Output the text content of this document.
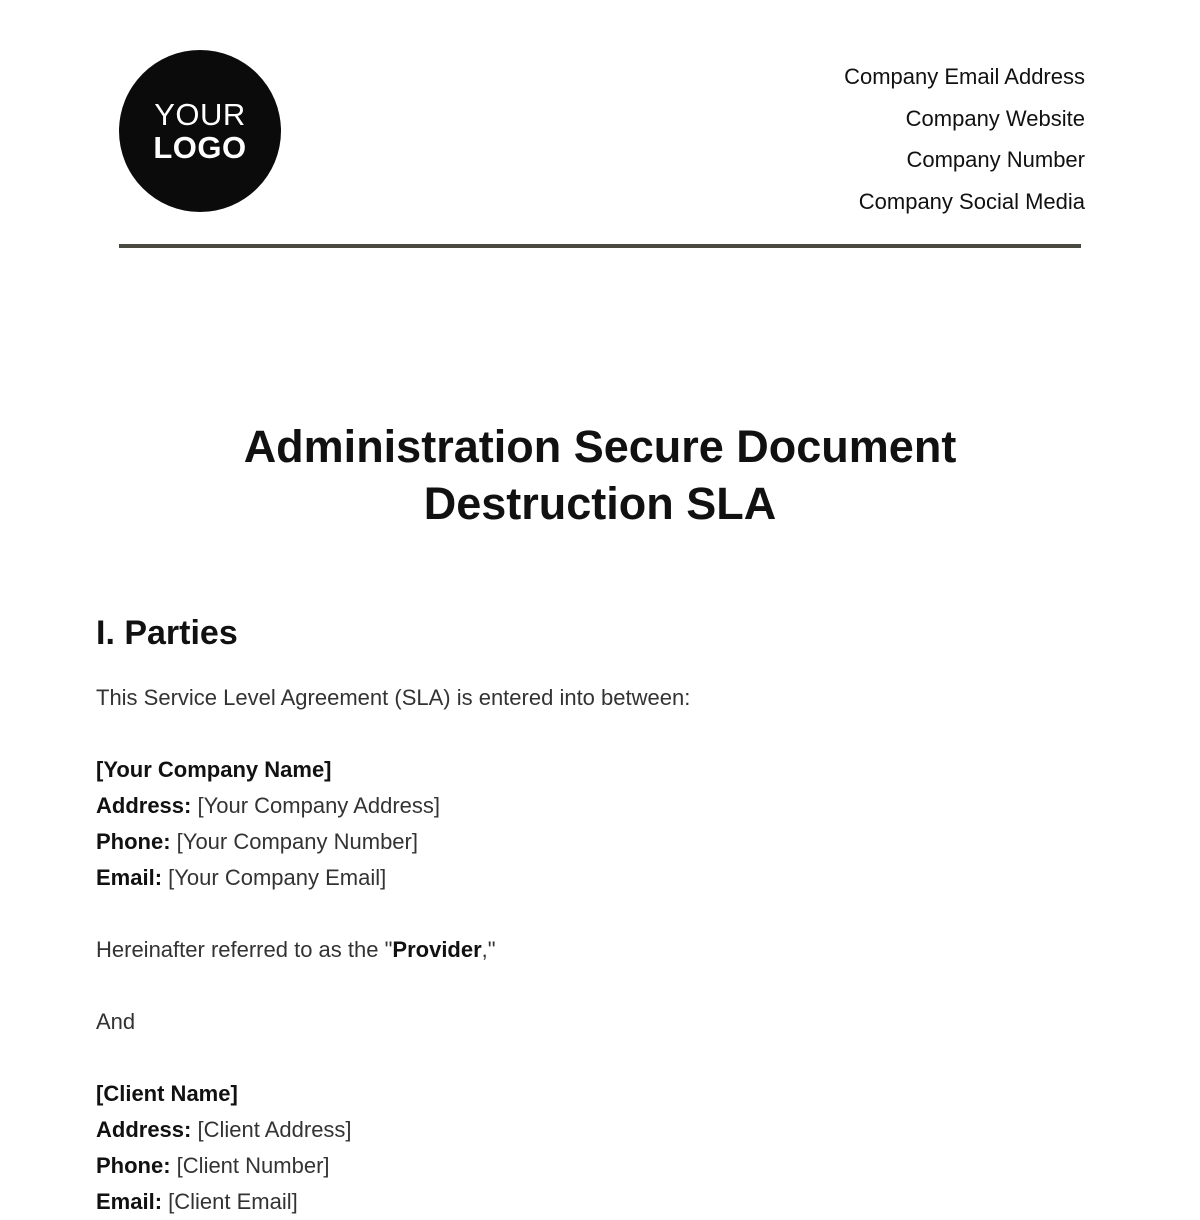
YOUR
LOGO
Company Email Address
Company Website
Company Number
Company Social Media
Administration Secure Document
Destruction SLA
I. Parties

This Service Level Agreement (SLA) is entered into between:

[Your Company Name]

Address: [Your Company Address]

Phone: [Your Company Number]

Email: [Your Company Email]

Hereinafter referred to as the "Provider,"

And

[Client Name]

Address: [Client Address]

Phone: [Client Number]

Email: [Client Email]
